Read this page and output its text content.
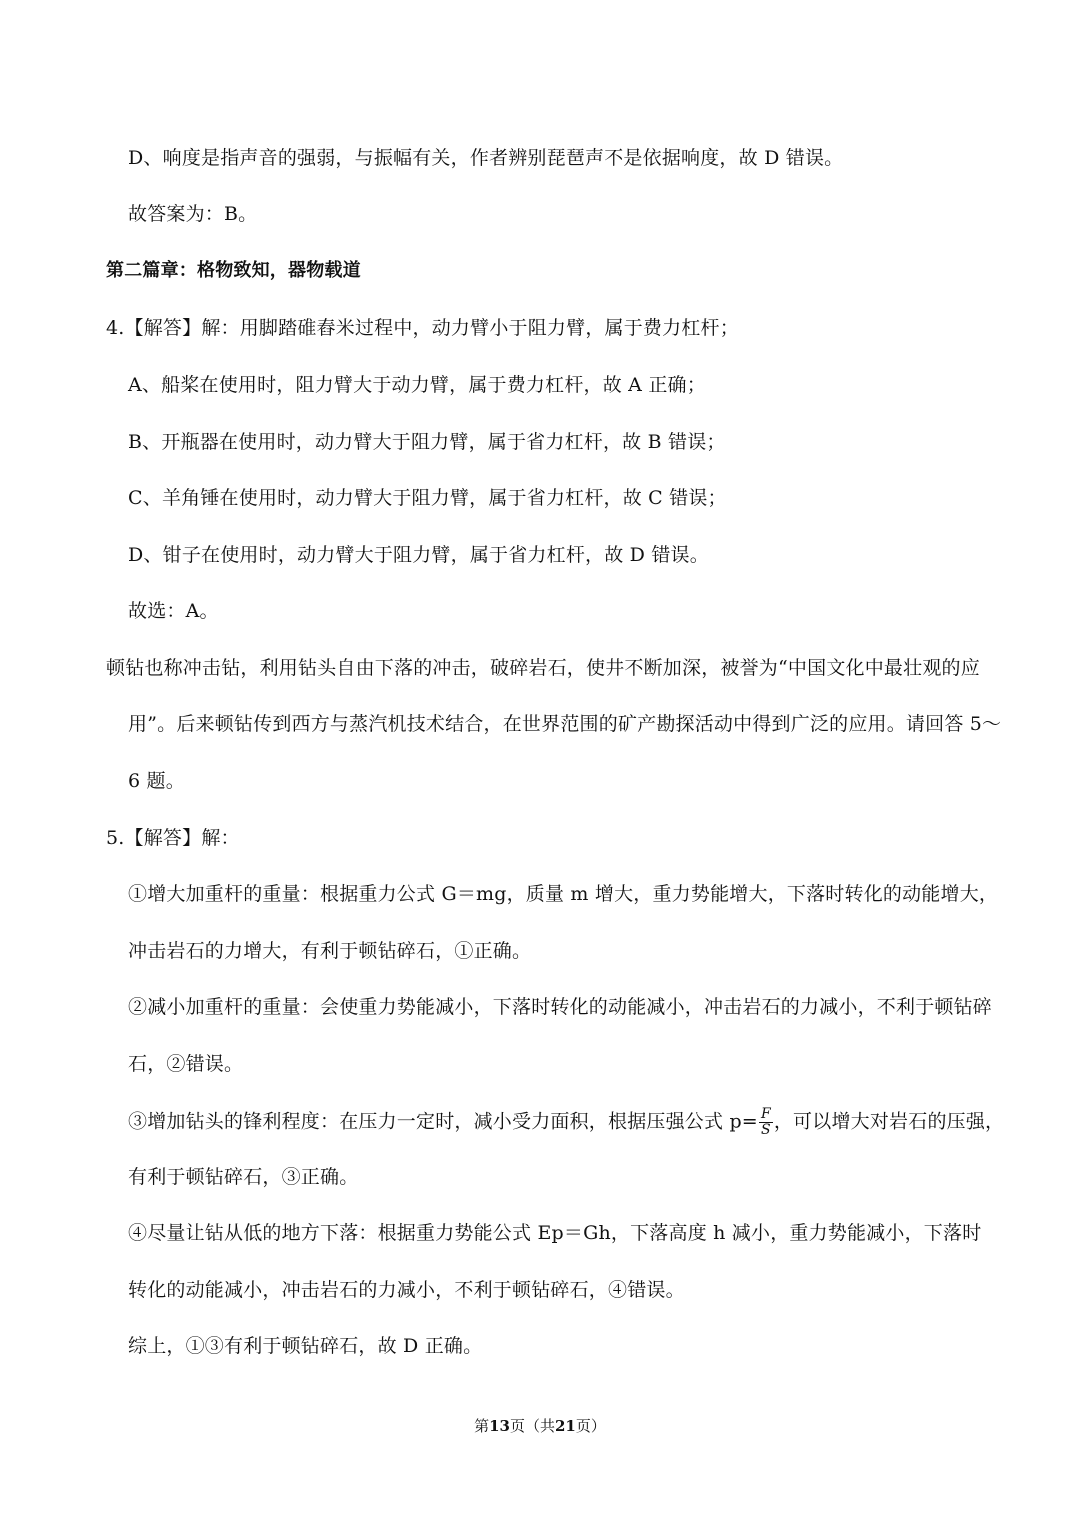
D、响度是指声音的强弱，与振幅有关，作者辨别琵琶声不是依据响度，故 D 错误。
故答案为：B。
第二篇章：格物致知，器物载道
4.【解答】解：用脚踏碓舂米过程中，动力臂小于阻力臂，属于费力杠杆；
A、船桨在使用时，阻力臂大于动力臂，属于费力杠杆，故 A 正确；
B、开瓶器在使用时，动力臂大于阻力臂，属于省力杠杆，故 B 错误；
C、羊角锤在使用时，动力臂大于阻力臂，属于省力杠杆，故 C 错误；
D、钳子在使用时，动力臂大于阻力臂，属于省力杠杆，故 D 错误。
故选：A。
顿钻也称冲击钻，利用钻头自由下落的冲击，破碎岩石，使井不断加深，被誉为“中国文化中最壮观的应
用”。后来顿钻传到西方与蒸汽机技术结合，在世界范围的矿产勘探活动中得到广泛的应用。请回答 5～
6 题。
5.【解答】解：
①增大加重杆的重量：根据重力公式 G＝mg，质量 m 增大，重力势能增大，下落时转化的动能增大，
冲击岩石的力增大，有利于顿钻碎石，①正确。
②减小加重杆的重量：会使重力势能减小，下落时转化的动能减小，冲击岩石的力减小，不利于顿钻碎
石，②错误。
③增加钻头的锋利程度：在压力一定时，减小受力面积，根据压强公式 $p= \frac{F}{S}$ ，可以增大对岩石的压强，
有利于顿钻碎石，③正确。
④尽量让钻从低的地方下落：根据重力势能公式 Ep＝Gh，下落高度 h 减小，重力势能减小，下落时
转化的动能减小，冲击岩石的力减小，不利于顿钻碎石，④错误。
综上，①③有利于顿钻碎石，故 D 正确。
第13页（共21页）
